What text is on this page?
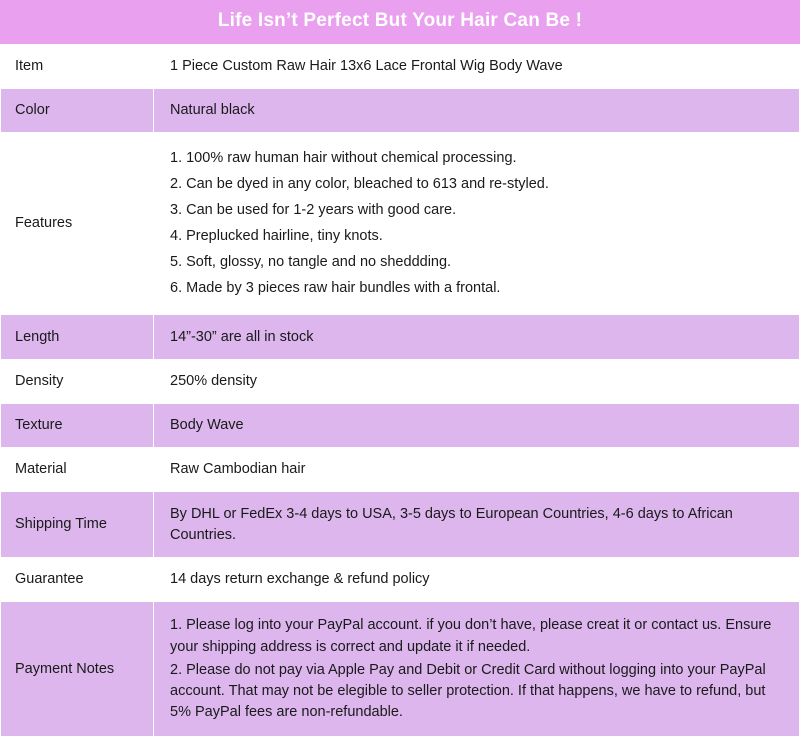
Life Isn’t Perfect But Your Hair Can Be !
Item	1 Piece Custom Raw Hair 13x6 Lace Frontal Wig Body Wave
Color	Natural black
Features	
1. 100% raw human hair without chemical processing.
2. Can be dyed in any color, bleached to 613 and re-styled.
3. Can be used for 1-2 years with good care.
4. Preplucked hairline, tiny knots.
5. Soft, glossy, no tangle and no sheddding.
6. Made by 3 pieces raw hair bundles with a frontal.

Length	14”-30” are all in stock
Density	250% density
Texture	Body Wave
Material	Raw Cambodian hair
Shipping Time	By DHL or FedEx 3-4 days to USA, 3-5 days to European Countries, 4-6 days to African Countries.
Guarantee	14 days return exchange & refund policy
Payment Notes	1. Please log into your PayPal account. if you don’t have, please creat it or contact us. Ensure your shipping address is correct and update it if needed.
2. Please do not pay via Apple Pay and Debit or Credit Card without logging into your PayPal account. That may not be elegible to seller protection. If that happens, we have to refund, but 5% PayPal fees are non-refundable.
